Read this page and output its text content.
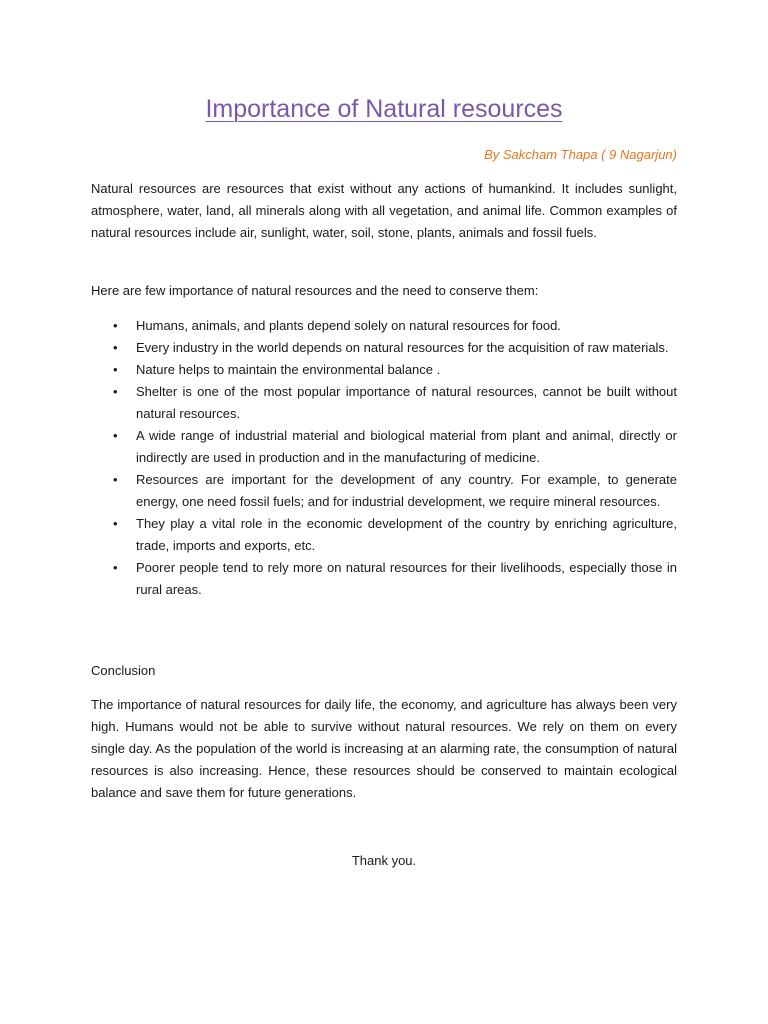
Importance of Natural resources

By Sakcham Thapa ( 9 Nagarjun)

Natural resources are resources that exist without any actions of humankind. It includes sunlight, atmosphere, water, land, all minerals along with all vegetation, and animal life. Common examples of natural resources include air, sunlight, water, soil, stone, plants, animals and fossil fuels.

Here are few importance of natural resources and the need to conserve them:

• Humans, animals, and plants depend solely on natural resources for food.
• Every industry in the world depends on natural resources for the acquisition of raw materials.
• Nature helps to maintain the environmental balance .
• Shelter is one of the most popular importance of natural resources, cannot be built without natural resources.
• A wide range of industrial material and biological material from plant and animal, directly or indirectly are used in production and in the manufacturing of medicine.
• Resources are important for the development of any country. For example, to generate energy, one need fossil fuels; and for industrial development, we require mineral resources.
• They play a vital role in the economic development of the country by enriching agriculture, trade, imports and exports, etc.
• Poorer people tend to rely more on natural resources for their livelihoods, especially those in rural areas.

Conclusion

The importance of natural resources for daily life, the economy, and agriculture has always been very high. Humans would not be able to survive without natural resources. We rely on them on every single day. As the population of the world is increasing at an alarming rate, the consumption of natural resources is also increasing. Hence, these resources should be conserved to maintain ecological balance and save them for future generations.

Thank you.
